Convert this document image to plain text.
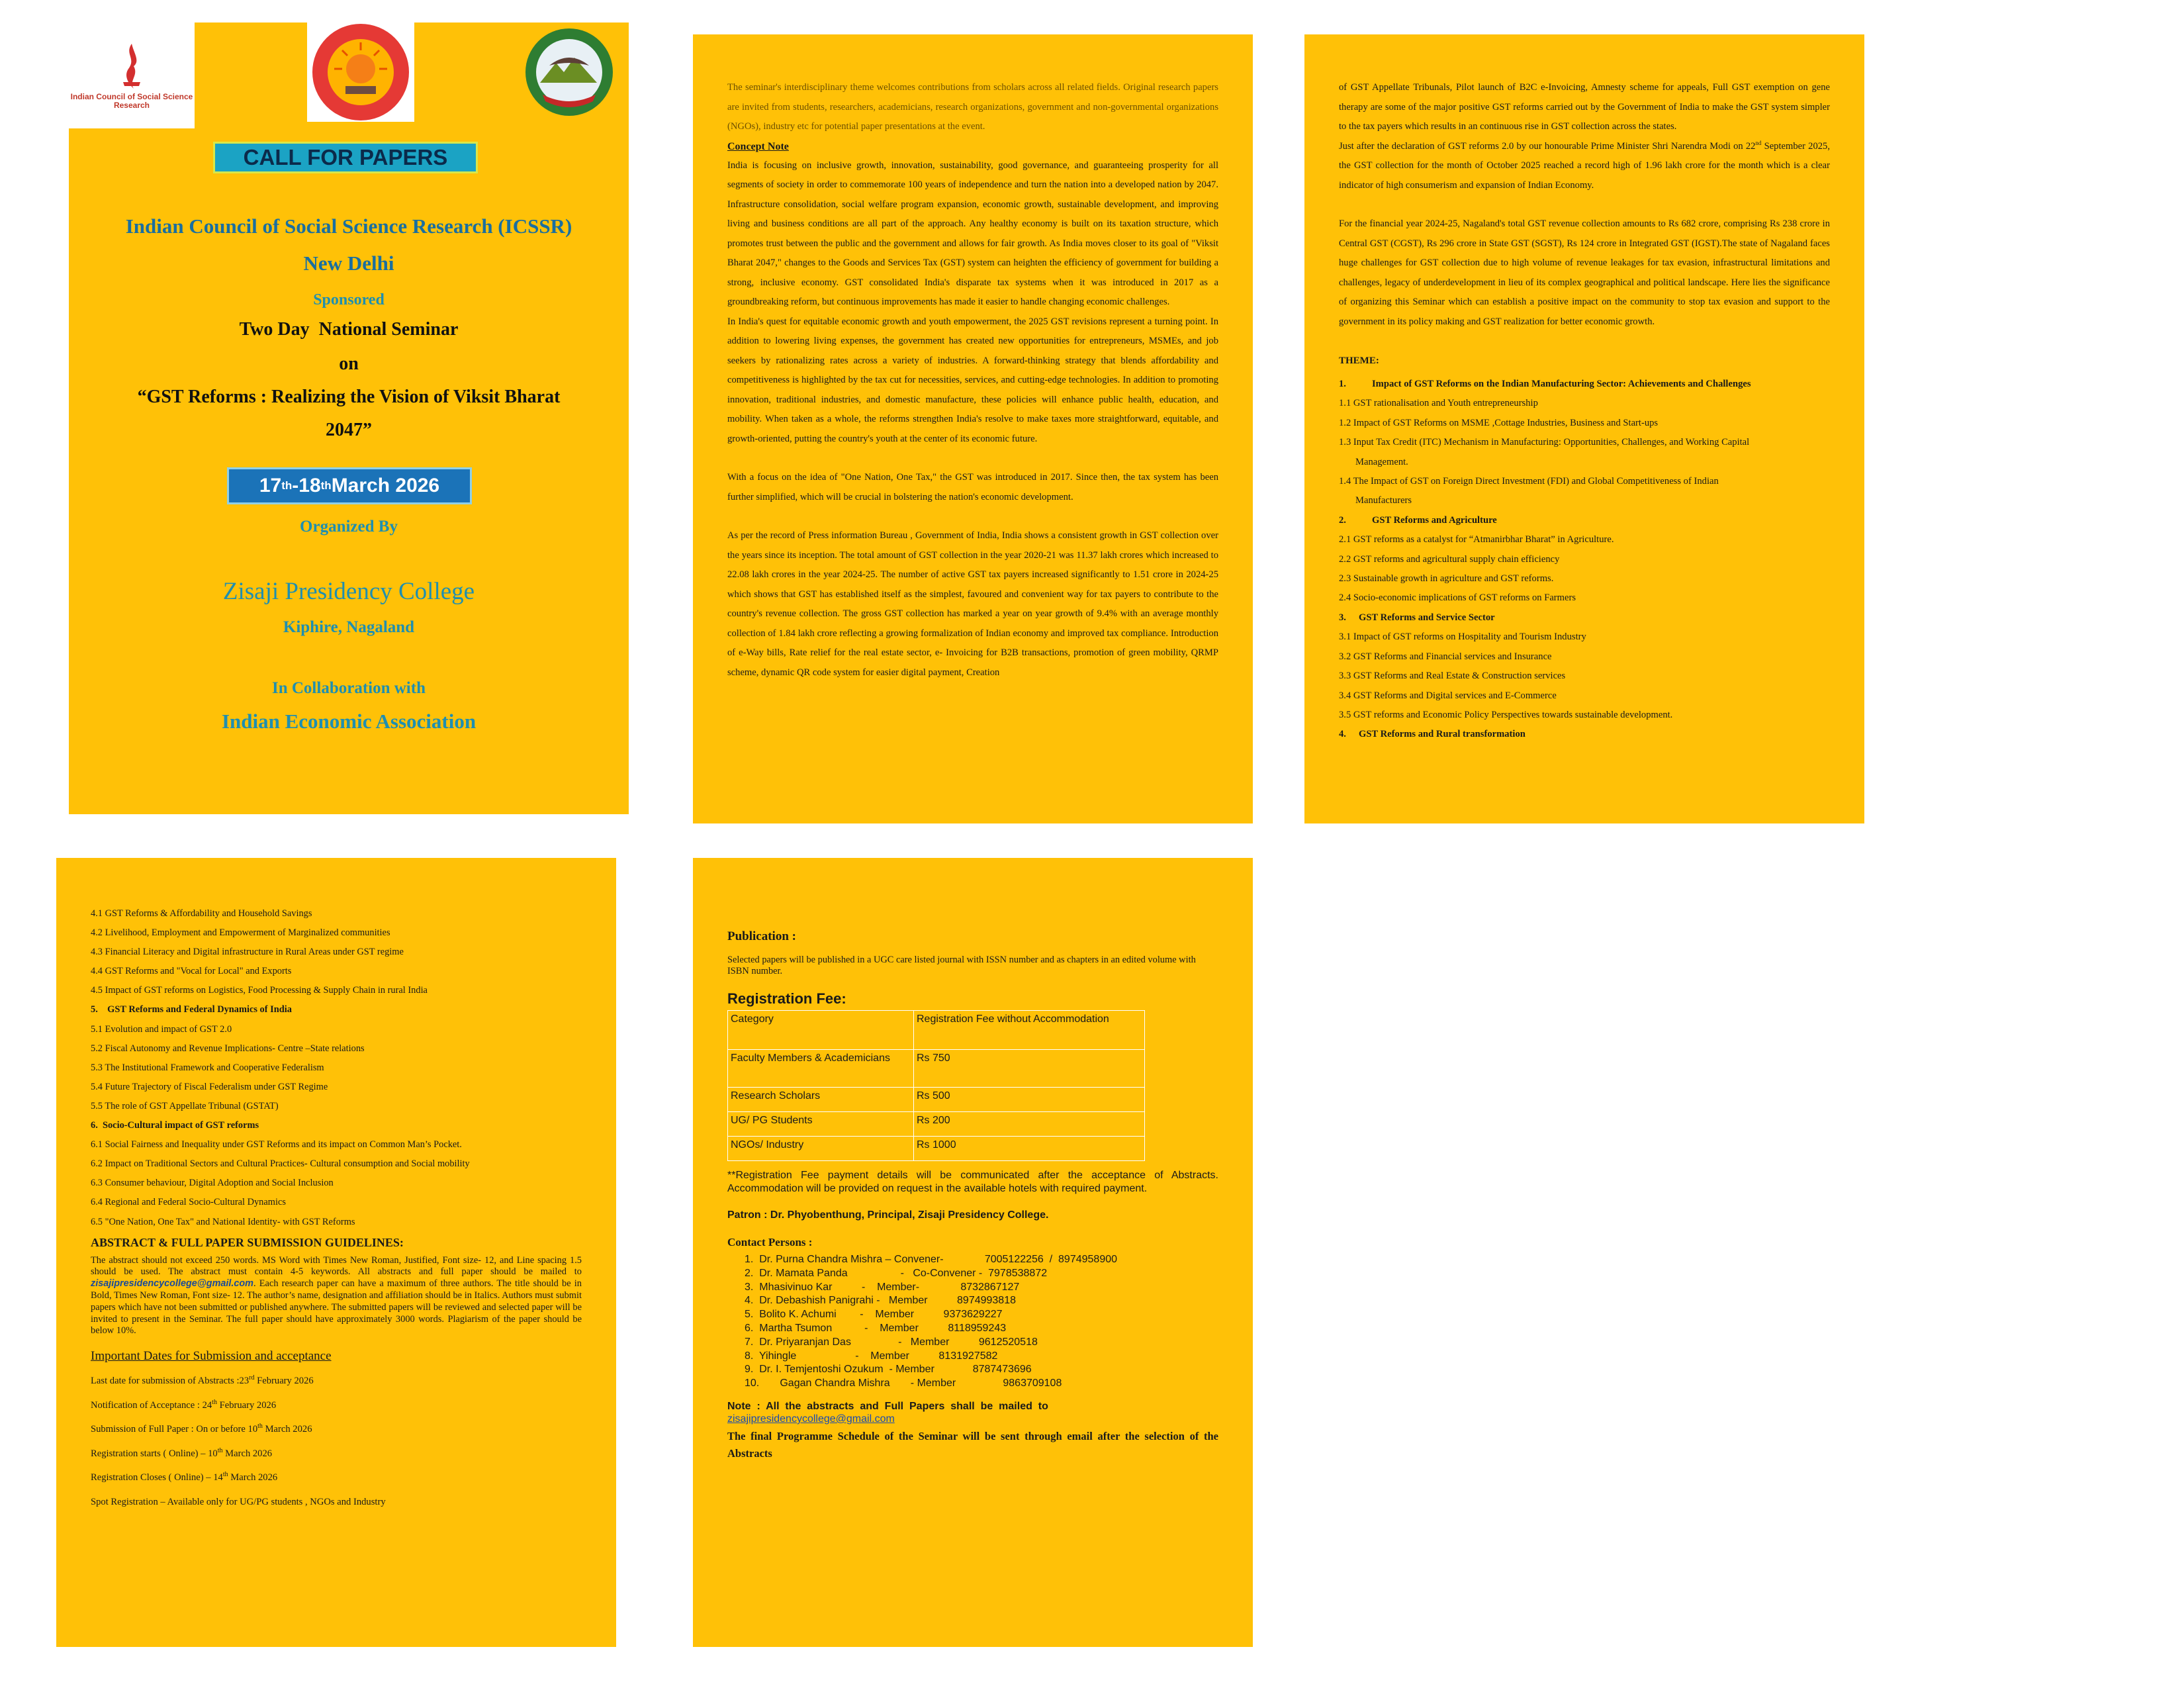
Indian Council of Social Science Research
CALL FOR PAPERS
Indian Council of Social Science Research (ICSSR)
New Delhi
Sponsored
Two Day  National Seminar
on
“GST Reforms : Realizing the Vision of Viksit Bharat
2047”
17 th -18 th March 2026
Organized By
Zisaji Presidency College
Kiphire, Nagaland
In Collaboration with
Indian Economic Association

The seminar's interdisciplinary theme welcomes contributions from scholars across all related fields. Original research papers are invited from students, researchers, academicians, research organizations, government and non-governmental organizations (NGOs), industry etc for potential paper presentations at the event.

Concept Note

India is focusing on inclusive growth, innovation, sustainability, good governance, and guaranteeing prosperity for all segments of society in order to commemorate 100 years of independence and turn the nation into a developed nation by 2047. Infrastructure consolidation, social welfare program expansion, economic growth, sustainable development, and improving living and business conditions are all part of the approach. Any healthy economy is built on its taxation structure, which promotes trust between the public and the government and allows for fair growth. As India moves closer to its goal of "Viksit Bharat 2047," changes to the Goods and Services Tax (GST) system can heighten the efficiency of government for building a strong, inclusive economy. GST consolidated India's disparate tax systems when it was introduced in 2017 as a groundbreaking reform, but continuous improvements has made it easier to handle changing economic challenges.

In India's quest for equitable economic growth and youth empowerment, the 2025 GST revisions represent a turning point. In addition to lowering living expenses, the government has created new opportunities for entrepreneurs, MSMEs, and job seekers by rationalizing rates across a variety of industries. A forward-thinking strategy that blends affordability and competitiveness is highlighted by the tax cut for necessities, services, and cutting-edge technologies. In addition to promoting innovation, traditional industries, and domestic manufacture, these policies will enhance public health, education, and mobility. When taken as a whole, the reforms strengthen India's resolve to make taxes more straightforward, equitable, and growth-oriented, putting the country's youth at the center of its economic future.

With a focus on the idea of "One Nation, One Tax," the GST was introduced in 2017. Since then, the tax system has been further simplified, which will be crucial in bolstering the nation's economic development.

As per the record of Press information Bureau , Government of India, India shows a consistent growth in GST collection over the years since its inception. The total amount of GST collection in the year 2020-21 was 11.37 lakh crores which increased to 22.08 lakh crores in the year 2024-25. The number of active GST tax payers increased significantly to 1.51 crore in 2024-25 which shows that GST has established itself as the simplest, favoured and convenient way for tax payers to contribute to the country's revenue collection. The gross GST collection has marked a year on year growth of 9.4% with an average monthly collection of 1.84 lakh crore reflecting a growing formalization of Indian economy and improved tax compliance. Introduction of e-Way bills, Rate relief for the real estate sector, e- Invoicing for B2B transactions, promotion of green mobility, QRMP scheme, dynamic QR code system for easier digital payment, Creation

of GST Appellate Tribunals, Pilot launch of B2C e-Invoicing, Amnesty scheme for appeals, Full GST exemption on gene therapy are some of the major positive GST reforms carried out by the Government of India to make the GST system simpler to the tax payers which results in an continuous rise in GST collection across the states.

Just after the declaration of GST reforms 2.0 by our honourable Prime Minister Shri Narendra Modi on 22nd September 2025, the GST collection for the month of October 2025 reached a record high of 1.96 lakh crore for the month which is a clear indicator of high consumerism and expansion of Indian Economy.

For the financial year 2024-25, Nagaland's total GST revenue collection amounts to Rs 682 crore, comprising Rs 238 crore in Central GST (CGST), Rs 296 crore in State GST (SGST), Rs 124 crore in Integrated GST (IGST).The state of Nagaland faces huge challenges for GST collection due to high volume of revenue leakages for tax evasion, infrastructural limitations and challenges, legacy of underdevelopment in lieu of its complex geographical and political landscape. Here lies the significance of organizing this Seminar which can establish a positive impact on the community to stop tax evasion and support to the government in its policy making and GST realization for better economic growth.

THEME:
1.	Impact of GST Reforms on the Indian Manufacturing Sector: Achievements and Challenges
1.1 GST rationalisation and Youth entrepreneurship
1.2 Impact of GST Reforms on MSME ,Cottage Industries, Business and Start-ups
1.3 Input Tax Credit (ITC) Mechanism in Manufacturing: Opportunities, Challenges, and Working Capital
Management.
1.4 The Impact of GST on Foreign Direct Investment (FDI) and Global Competitiveness of Indian
Manufacturers
2.	GST Reforms and Agriculture
2.1 GST reforms as a catalyst for “Atmanirbhar Bharat” in Agriculture.
2.2 GST reforms and agricultural supply chain efficiency
2.3 Sustainable growth in agriculture and GST reforms.
2.4 Socio-economic implications of GST reforms on Farmers
3. GST Reforms and Service Sector
3.1 Impact of GST reforms on Hospitality and Tourism Industry
3.2 GST Reforms and Financial services and Insurance
3.3 GST Reforms and Real Estate & Construction services
3.4 GST Reforms and Digital services and E-Commerce
3.5 GST reforms and Economic Policy Perspectives towards sustainable development.
4. GST Reforms and Rural transformation
4.1 GST Reforms & Affordability and Household Savings
4.2 Livelihood, Employment and Empowerment of Marginalized communities
4.3 Financial Literacy and Digital infrastructure in Rural Areas under GST regime
4.4 GST Reforms and "Vocal for Local" and Exports
4.5 Impact of GST reforms on Logistics, Food Processing & Supply Chain in rural India
5.    GST Reforms and Federal Dynamics of India
5.1 Evolution and impact of GST 2.0
5.2 Fiscal Autonomy and Revenue Implications- Centre –State relations
5.3 The Institutional Framework and Cooperative Federalism
5.4 Future Trajectory of Fiscal Federalism under GST Regime
5.5 The role of GST Appellate Tribunal (GSTAT)
6.  Socio-Cultural impact of GST reforms
6.1 Social Fairness and Inequality under GST Reforms and its impact on Common Man’s Pocket.
6.2 Impact on Traditional Sectors and Cultural Practices- Cultural consumption and Social mobility
6.3 Consumer behaviour, Digital Adoption and Social Inclusion
6.4 Regional and Federal Socio-Cultural Dynamics
6.5 "One Nation, One Tax" and National Identity- with GST Reforms
ABSTRACT & FULL PAPER SUBMISSION GUIDELINES:

The abstract should not exceed 250 words. MS Word with Times New Roman, Justified, Font size- 12, and Line spacing 1.5 should be used. The abstract must contain 4-5 keywords. All abstracts and full paper should be mailed to zisajipresidencycollege@gmail.com. Each research paper can have a maximum of three authors. The title should be in Bold, Times New Roman, Font size- 12. The author’s name, designation and affiliation should be in Italics. Authors must submit papers which have not been submitted or published anywhere. The submitted papers will be reviewed and selected paper will be invited to present in the Seminar. The full paper should have approximately 3000 words. Plagiarism of the paper should be below 10%.

Important Dates for Submission and acceptance
Last date for submission of Abstracts :23rd February 2026
Notification of Acceptance : 24th February 2026
Submission of Full Paper : On or before 10th March 2026
Registration starts ( Online) – 10th March 2026
Registration Closes ( Online) – 14th March 2026
Spot Registration – Available only for UG/PG students , NGOs and Industry
Publication :

Selected papers will be published in a UGC care listed journal with ISSN number and as chapters in an edited volume with ISBN number.

Registration Fee:
Category	Registration Fee without Accommodation
Faculty Members & Academicians	Rs 750
Research Scholars	Rs 500
UG/ PG Students	Rs 200
NGOs/ Industry	Rs 1000

**Registration Fee payment details will be communicated after the acceptance of Abstracts. Accommodation will be provided on request in the available hotels with required payment.

Patron : Dr. Phyobenthung, Principal, Zisaji Presidency College.
Contact Persons :
1.  Dr. Purna Chandra Mishra – Convener-              7005122256  /  8974958900
2.  Dr. Mamata Panda                  -   Co-Convener -  7978538872
3.  Mhasivinuo Kar          -    Member-              8732867127
4.  Dr. Debashish Panigrahi -   Member          8974993818
5.  Bolito K. Achumi        -    Member          9373629227
6.  Martha Tsumon           -    Member          8118959243
7.  Dr. Priyaranjan Das                -   Member          9612520518
8.  Yihingle                    -    Member          8131927582
9.  Dr. I. Temjentoshi Ozukum  - Member             8787473696
10.       Gagan Chandra Mishra       - Member                9863709108
Note  :  All  the  abstracts  and  Full  Papers  shall  be  mailed  to
zisajipresidencycollege@gmail.com
The final Programme Schedule of the Seminar will be sent through email after the selection of the Abstracts
